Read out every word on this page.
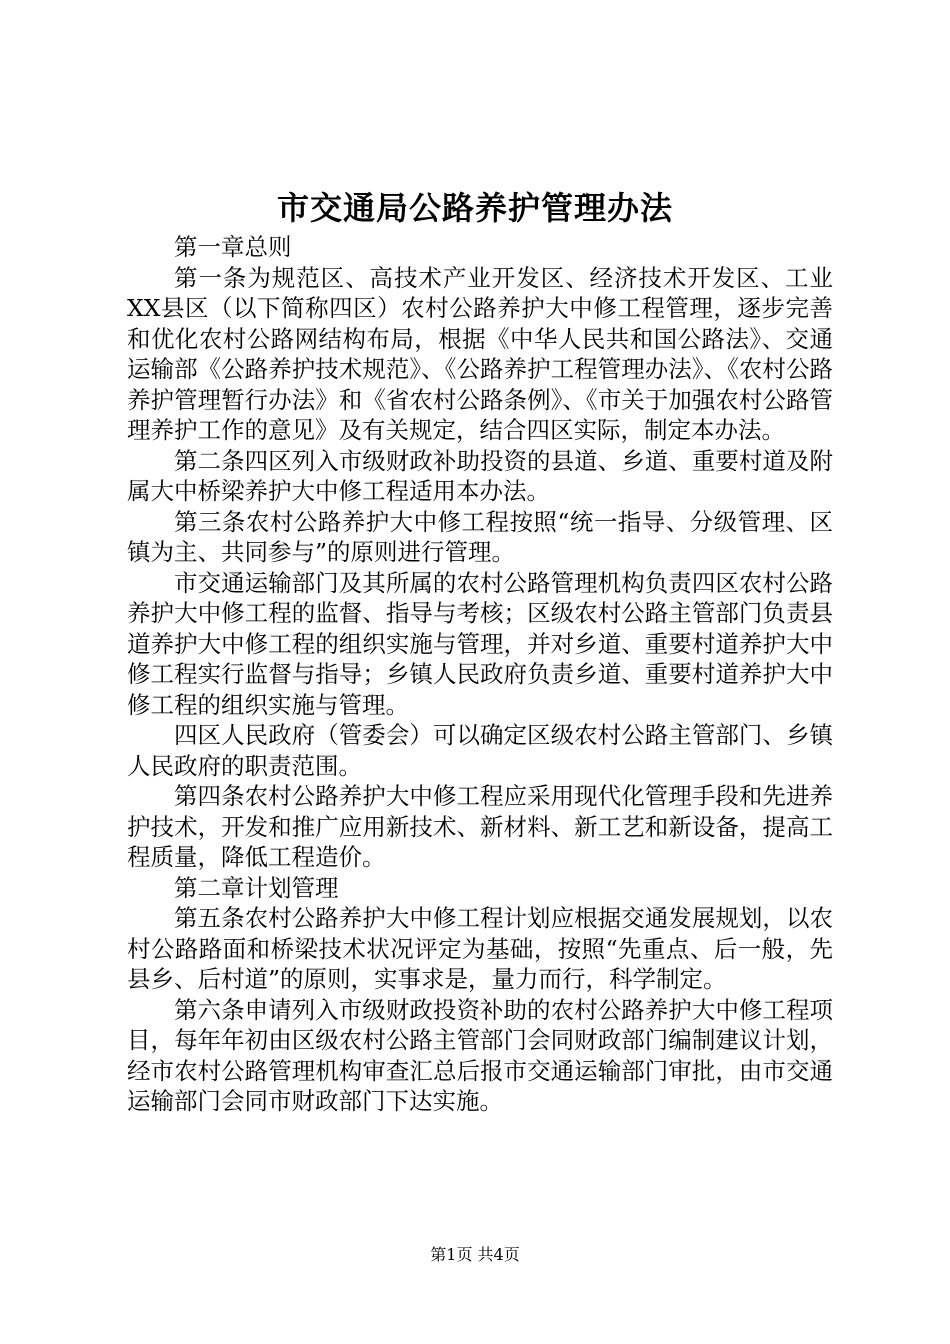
市交通局公路养护管理办法

第一章总则

第一条为规范区、高技术产业开发区、经济技术开发区、工业XX县区（以下简称四区）农村公路养护大中修工程管理，逐步完善和优化农村公路网结构布局，根据《中华人民共和国公路法》、交通运输部《公路养护技术规范》、《公路养护工程管理办法》、《农村公路养护管理暂行办法》和《省农村公路条例》、《市关于加强农村公路管理养护工作的意见》及有关规定，结合四区实际，制定本办法。

第二条四区列入市级财政补助投资的县道、乡道、重要村道及附属大中桥梁养护大中修工程适用本办法。

第三条农村公路养护大中修工程按照“统一指导、分级管理、区镇为主、共同参与”的原则进行管理。

市交通运输部门及其所属的农村公路管理机构负责四区农村公路养护大中修工程的监督、指导与考核；区级农村公路主管部门负责县道养护大中修工程的组织实施与管理，并对乡道、重要村道养护大中修工程实行监督与指导；乡镇人民政府负责乡道、重要村道养护大中修工程的组织实施与管理。

四区人民政府（管委会）可以确定区级农村公路主管部门、乡镇人民政府的职责范围。

第四条农村公路养护大中修工程应采用现代化管理手段和先进养护技术，开发和推广应用新技术、新材料、新工艺和新设备，提高工程质量，降低工程造价。

第二章计划管理

第五条农村公路养护大中修工程计划应根据交通发展规划，以农村公路路面和桥梁技术状况评定为基础，按照“先重点、后一般，先县乡、后村道”的原则，实事求是，量力而行，科学制定。

第六条申请列入市级财政投资补助的农村公路养护大中修工程项目，每年年初由区级农村公路主管部门会同财政部门编制建议计划，经市农村公路管理机构审查汇总后报市交通运输部门审批，由市交通运输部门会同市财政部门下达实施。

第1页 共4页
